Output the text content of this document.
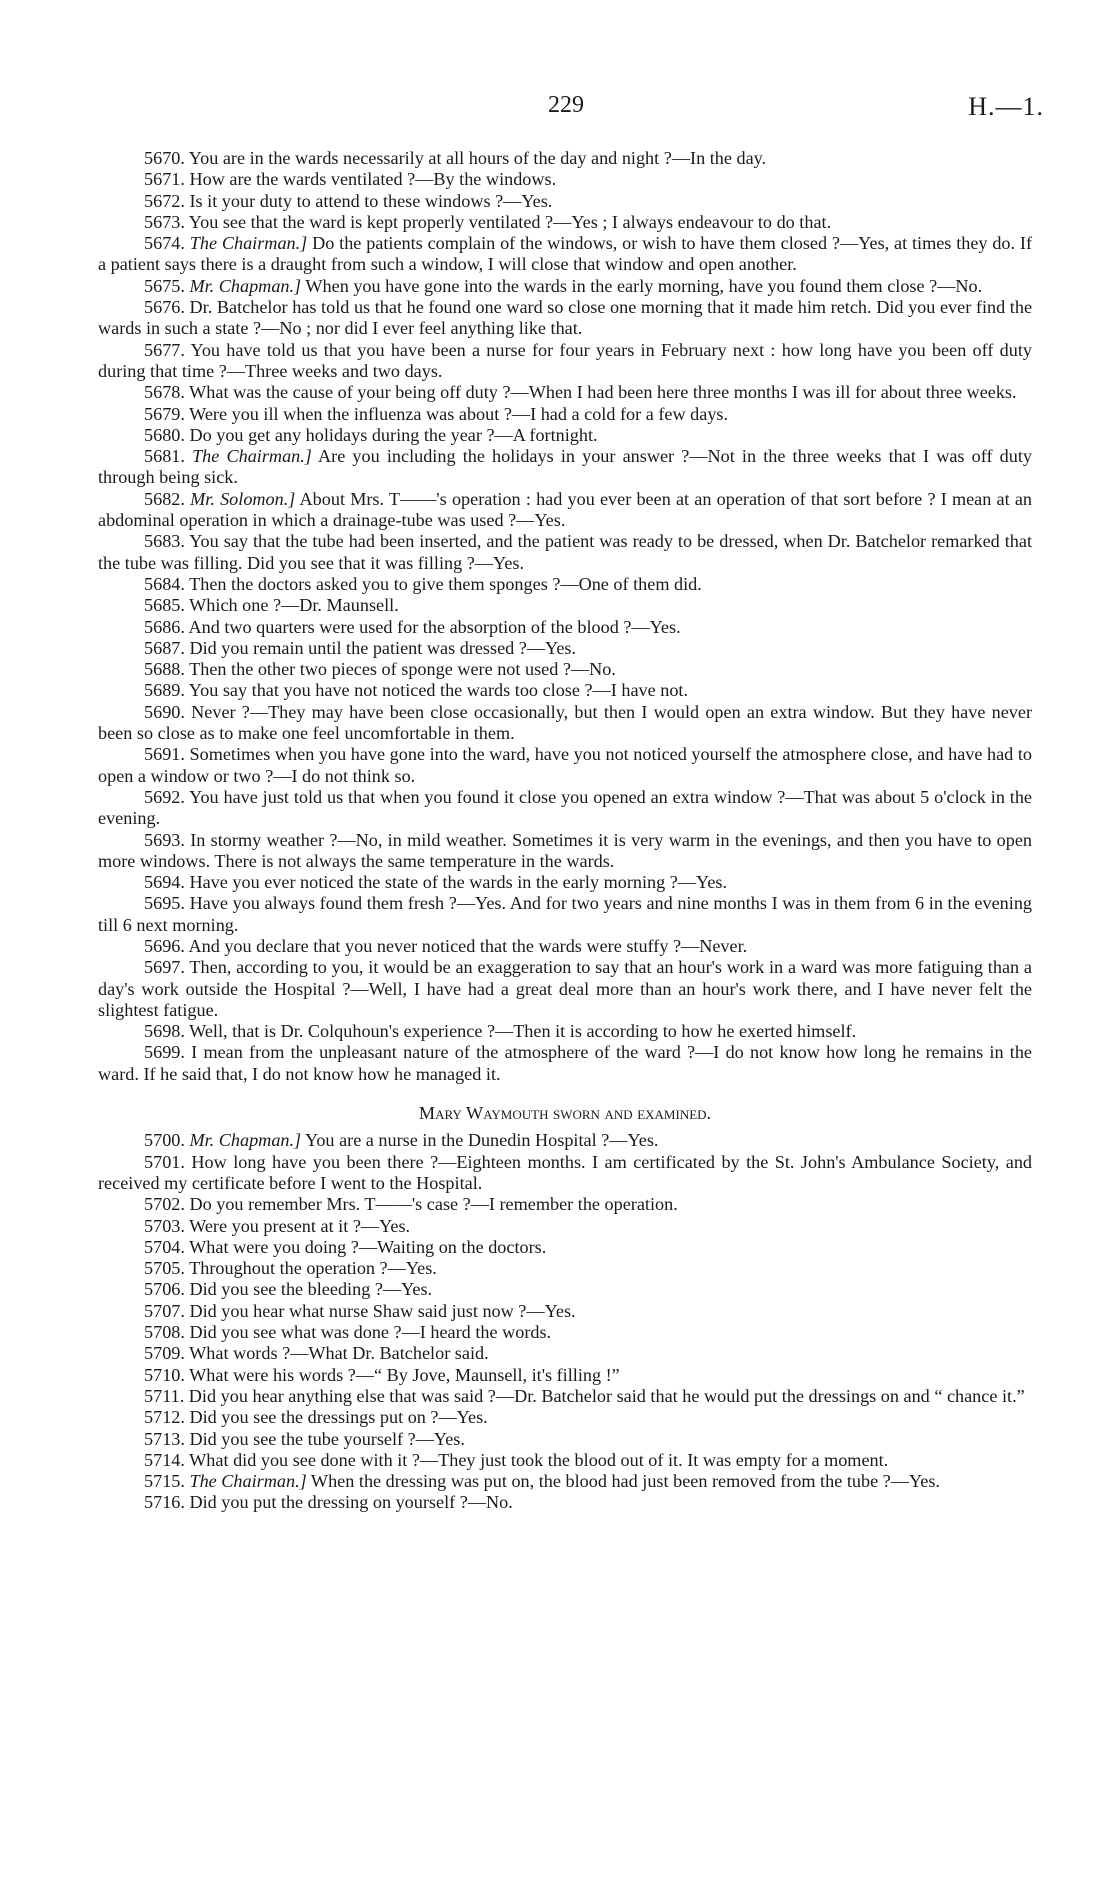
229	H.—1.

5670. You are in the wards necessarily at all hours of the day and night ?—In the day.

5671. How are the wards ventilated ?—By the windows.

5672. Is it your duty to attend to these windows ?—Yes.

5673. You see that the ward is kept properly ventilated ?—Yes ; I always endeavour to do that.

5674. The Chairman.] Do the patients complain of the windows, or wish to have them closed ?—Yes, at times they do. If a patient says there is a draught from such a window, I will close that window and open another.

5675. Mr. Chapman.] When you have gone into the wards in the early morning, have you found them close ?—No.

5676. Dr. Batchelor has told us that he found one ward so close one morning that it made him retch. Did you ever find the wards in such a state ?—No ; nor did I ever feel anything like that.

5677. You have told us that you have been a nurse for four years in February next : how long have you been off duty during that time ?—Three weeks and two days.

5678. What was the cause of your being off duty ?—When I had been here three months I was ill for about three weeks.

5679. Were you ill when the influenza was about ?—I had a cold for a few days.

5680. Do you get any holidays during the year ?—A fortnight.

5681. The Chairman.] Are you including the holidays in your answer ?—Not in the three weeks that I was off duty through being sick.

5682. Mr. Solomon.] About Mrs. T——'s operation : had you ever been at an operation of that sort before ? I mean at an abdominal operation in which a drainage-tube was used ?—Yes.

5683. You say that the tube had been inserted, and the patient was ready to be dressed, when Dr. Batchelor remarked that the tube was filling. Did you see that it was filling ?—Yes.

5684. Then the doctors asked you to give them sponges ?—One of them did.

5685. Which one ?—Dr. Maunsell.

5686. And two quarters were used for the absorption of the blood ?—Yes.

5687. Did you remain until the patient was dressed ?—Yes.

5688. Then the other two pieces of sponge were not used ?—No.

5689. You say that you have not noticed the wards too close ?—I have not.

5690. Never ?—They may have been close occasionally, but then I would open an extra window. But they have never been so close as to make one feel uncomfortable in them.

5691. Sometimes when you have gone into the ward, have you not noticed yourself the atmosphere close, and have had to open a window or two ?—I do not think so.

5692. You have just told us that when you found it close you opened an extra window ?—That was about 5 o'clock in the evening.

5693. In stormy weather ?—No, in mild weather. Sometimes it is very warm in the evenings, and then you have to open more windows. There is not always the same temperature in the wards.

5694. Have you ever noticed the state of the wards in the early morning ?—Yes.

5695. Have you always found them fresh ?—Yes. And for two years and nine months I was in them from 6 in the evening till 6 next morning.

5696. And you declare that you never noticed that the wards were stuffy ?—Never.

5697. Then, according to you, it would be an exaggeration to say that an hour's work in a ward was more fatiguing than a day's work outside the Hospital ?—Well, I have had a great deal more than an hour's work there, and I have never felt the slightest fatigue.

5698. Well, that is Dr. Colquhoun's experience ?—Then it is according to how he exerted himself.

5699. I mean from the unpleasant nature of the atmosphere of the ward ?—I do not know how long he remains in the ward. If he said that, I do not know how he managed it.

Mary Waymouth sworn and examined.

5700. Mr. Chapman.] You are a nurse in the Dunedin Hospital ?—Yes.

5701. How long have you been there ?—Eighteen months. I am certificated by the St. John's Ambulance Society, and received my certificate before I went to the Hospital.

5702. Do you remember Mrs. T——'s case ?—I remember the operation.

5703. Were you present at it ?—Yes.

5704. What were you doing ?—Waiting on the doctors.

5705. Throughout the operation ?—Yes.

5706. Did you see the bleeding ?—Yes.

5707. Did you hear what nurse Shaw said just now ?—Yes.

5708. Did you see what was done ?—I heard the words.

5709. What words ?—What Dr. Batchelor said.

5710. What were his words ?—“ By Jove, Maunsell, it's filling !”

5711. Did you hear anything else that was said ?—Dr. Batchelor said that he would put the dressings on and “ chance it.”

5712. Did you see the dressings put on ?—Yes.

5713. Did you see the tube yourself ?—Yes.

5714. What did you see done with it ?—They just took the blood out of it. It was empty for a moment.

5715. The Chairman.] When the dressing was put on, the blood had just been removed from the tube ?—Yes.

5716. Did you put the dressing on yourself ?—No.
